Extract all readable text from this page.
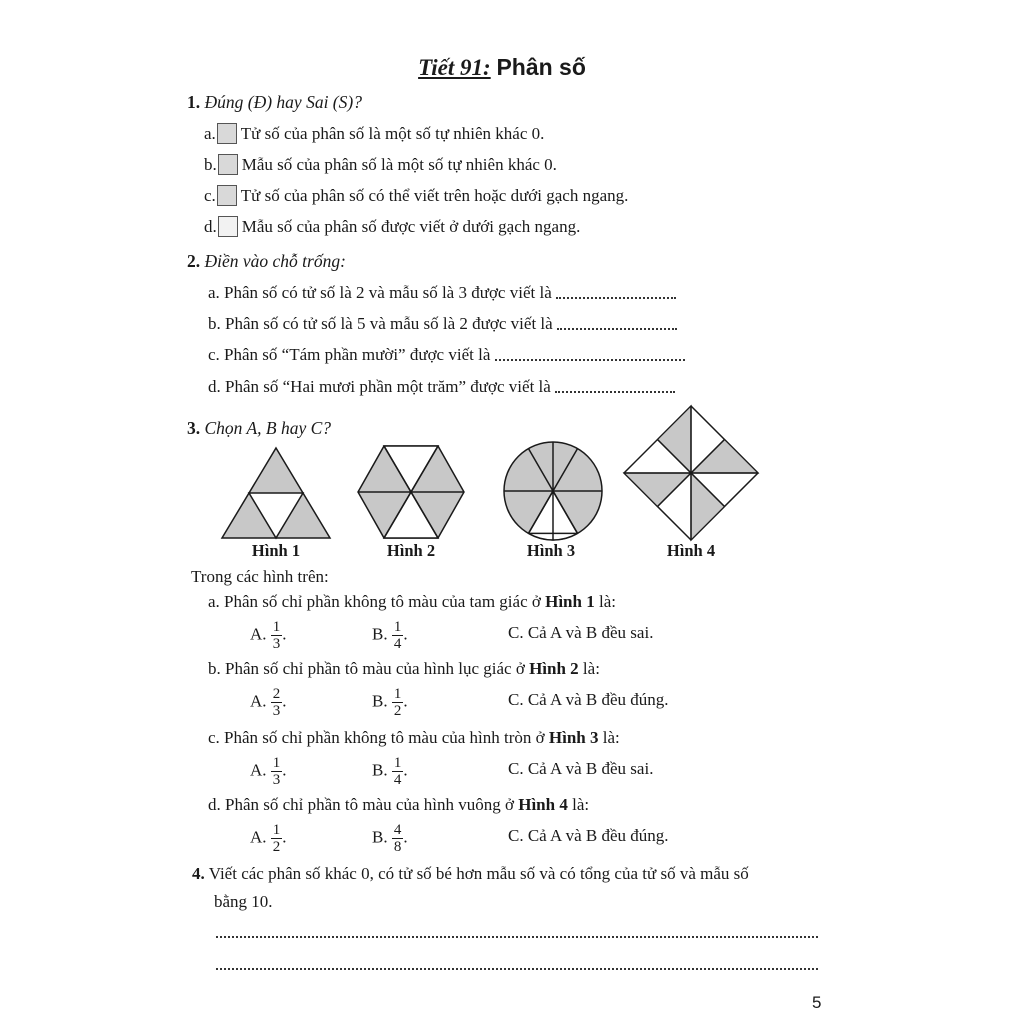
Tiết 91: Phân số
1. Đúng (Đ) hay Sai (S)?
a. Tử số của phân số là một số tự nhiên khác 0.
b. Mẫu số của phân số là một số tự nhiên khác 0.
c. Tử số của phân số có thể viết trên hoặc dưới gạch ngang.
d. Mẫu số của phân số được viết ở dưới gạch ngang.
2. Điền vào chỗ trống:
a. Phân số có tử số là 2 và mẫu số là 3 được viết là
b. Phân số có tử số là 5 và mẫu số là 2 được viết là
c. Phân số “Tám phần mười” được viết là
d. Phân số “Hai mươi phần một trăm” được viết là
3. Chọn A, B hay C?
Hình 1	Hình 2	Hình 3	Hình 4
Trong các hình trên:
a. Phân số chỉ phần không tô màu của tam giác ở Hình 1 là:
A. $\frac{1}{3}$ .	B. $\frac{1}{4}$ .	C. Cả A và B đều sai.
b. Phân số chỉ phần tô màu của hình lục giác ở Hình 2 là:
A. $\frac{2}{3}$ .	B. $\frac{1}{2}$ .	C. Cả A và B đều đúng.
c. Phân số chỉ phần không tô màu của hình tròn ở Hình 3 là:
A. $\frac{1}{3}$ .	B. $\frac{1}{4}$ .	C. Cả A và B đều sai.
d. Phân số chỉ phần tô màu của hình vuông ở Hình 4 là:
A. $\frac{1}{2}$ .	B. $\frac{4}{8}$ .	C. Cả A và B đều đúng.
4. Viết các phân số khác 0, có tử số bé hơn mẫu số và có tổng của tử số và mẫu số
bằng 10.
5
